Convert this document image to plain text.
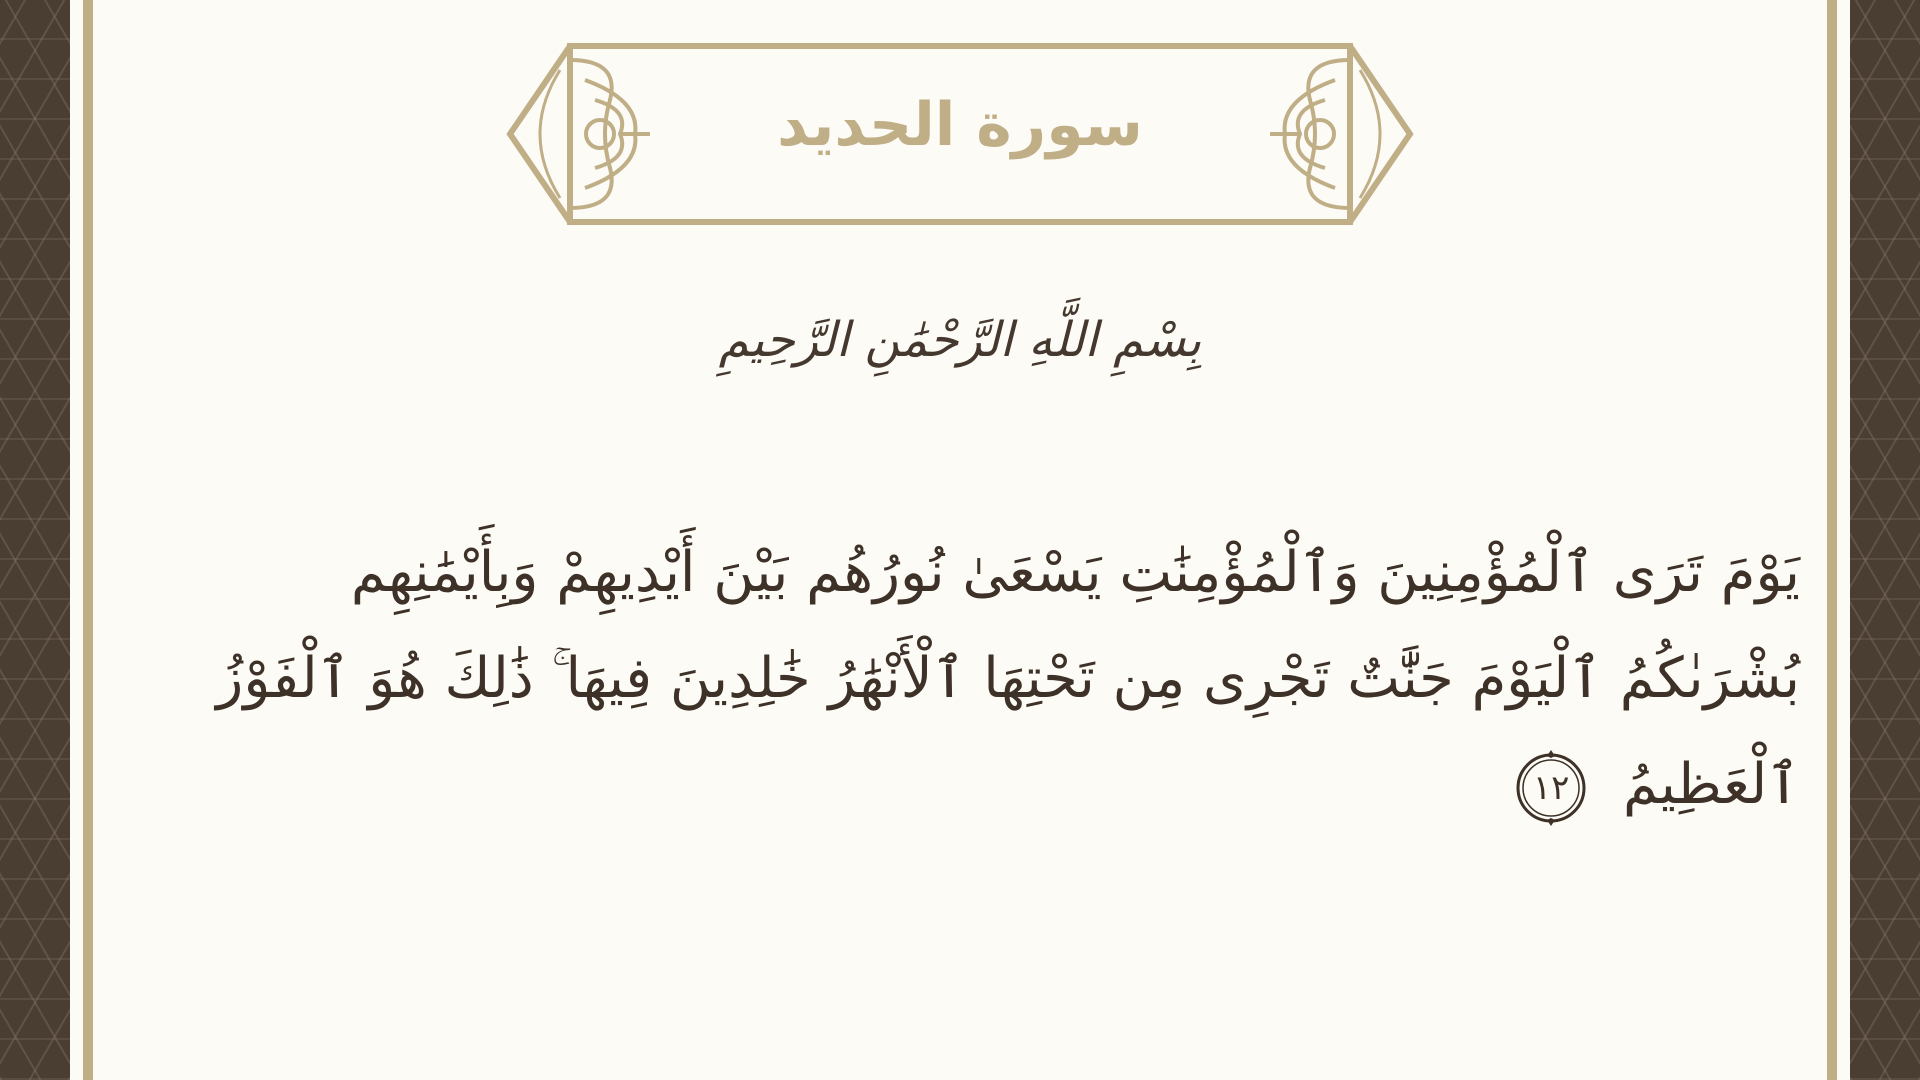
سورة الحديد
بِسْمِ اللَّهِ الرَّحْمَٰنِ الرَّحِيمِ
يَوْمَ تَرَى ٱلْمُؤْمِنِينَ وَٱلْمُؤْمِنَٰتِ يَسْعَىٰ نُورُهُم بَيْنَ أَيْدِيهِمْ وَبِأَيْمَٰنِهِم بُشْرَىٰكُمُ ٱلْيَوْمَ جَنَّٰتٌ تَجْرِى مِن تَحْتِهَا ٱلْأَنْهَٰرُ خَٰلِدِينَ فِيهَا ۚ ذَٰلِكَ هُوَ ٱلْفَوْزُ ٱلْعَظِيمُ
١٢
